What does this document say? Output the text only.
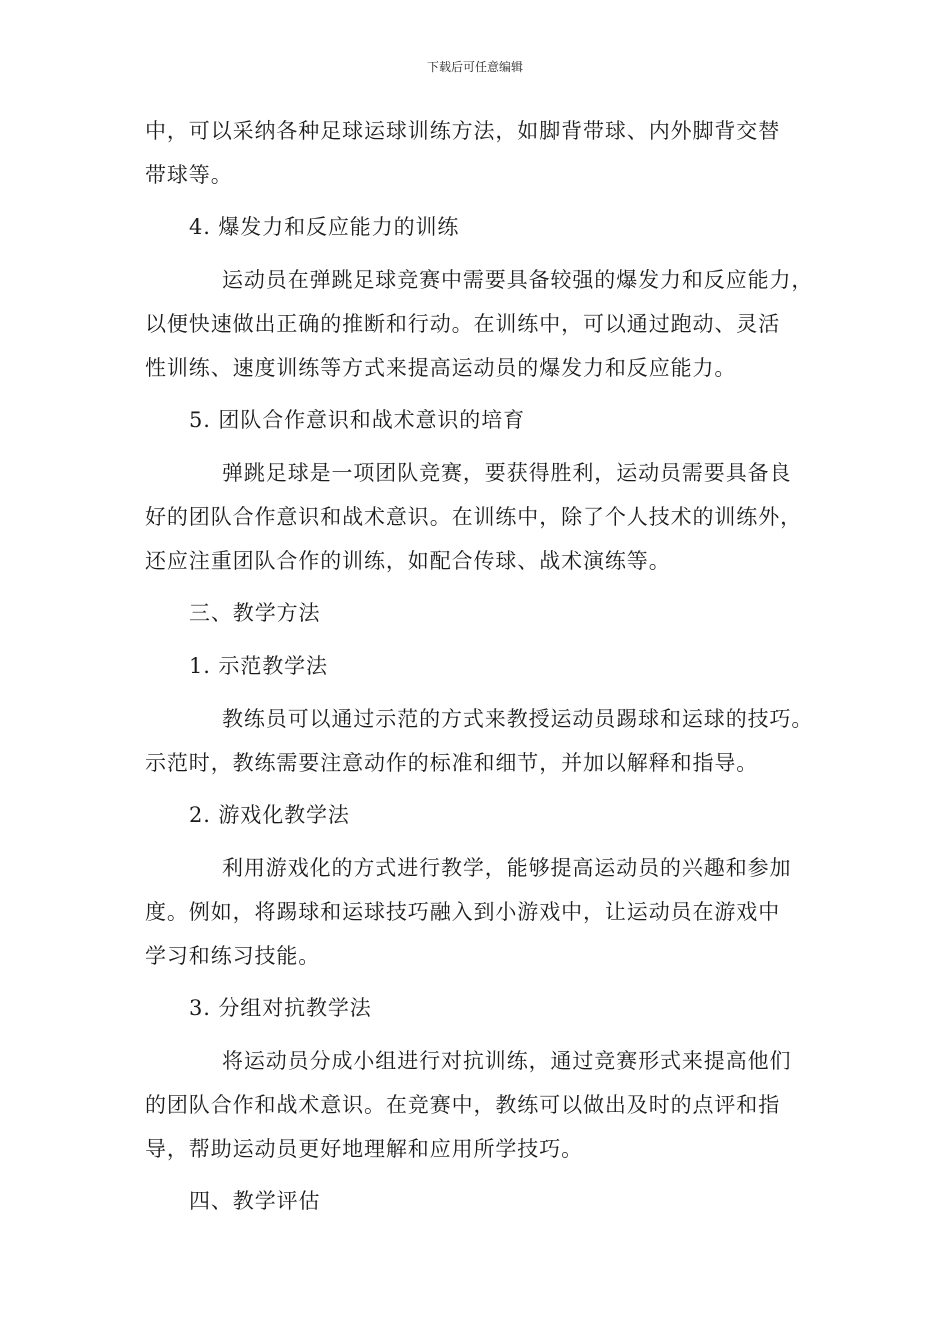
下载后可任意编辑
中，可以采纳各种足球运球训练方法，如脚背带球、内外脚背交替
带球等。
4. 爆发力和反应能力的训练
运动员在弹跳足球竞赛中需要具备较强的爆发力和反应能力，
以便快速做出正确的推断和行动。在训练中，可以通过跑动、灵活
性训练、速度训练等方式来提高运动员的爆发力和反应能力。
5. 团队合作意识和战术意识的培育
弹跳足球是一项团队竞赛，要获得胜利，运动员需要具备良
好的团队合作意识和战术意识。在训练中，除了个人技术的训练外，
还应注重团队合作的训练，如配合传球、战术演练等。
三、教学方法
1. 示范教学法
教练员可以通过示范的方式来教授运动员踢球和运球的技巧。
示范时，教练需要注意动作的标准和细节，并加以解释和指导。
2. 游戏化教学法
利用游戏化的方式进行教学，能够提高运动员的兴趣和参加
度。例如，将踢球和运球技巧融入到小游戏中，让运动员在游戏中
学习和练习技能。
3. 分组对抗教学法
将运动员分成小组进行对抗训练，通过竞赛形式来提高他们
的团队合作和战术意识。在竞赛中，教练可以做出及时的点评和指
导，帮助运动员更好地理解和应用所学技巧。
四、教学评估
